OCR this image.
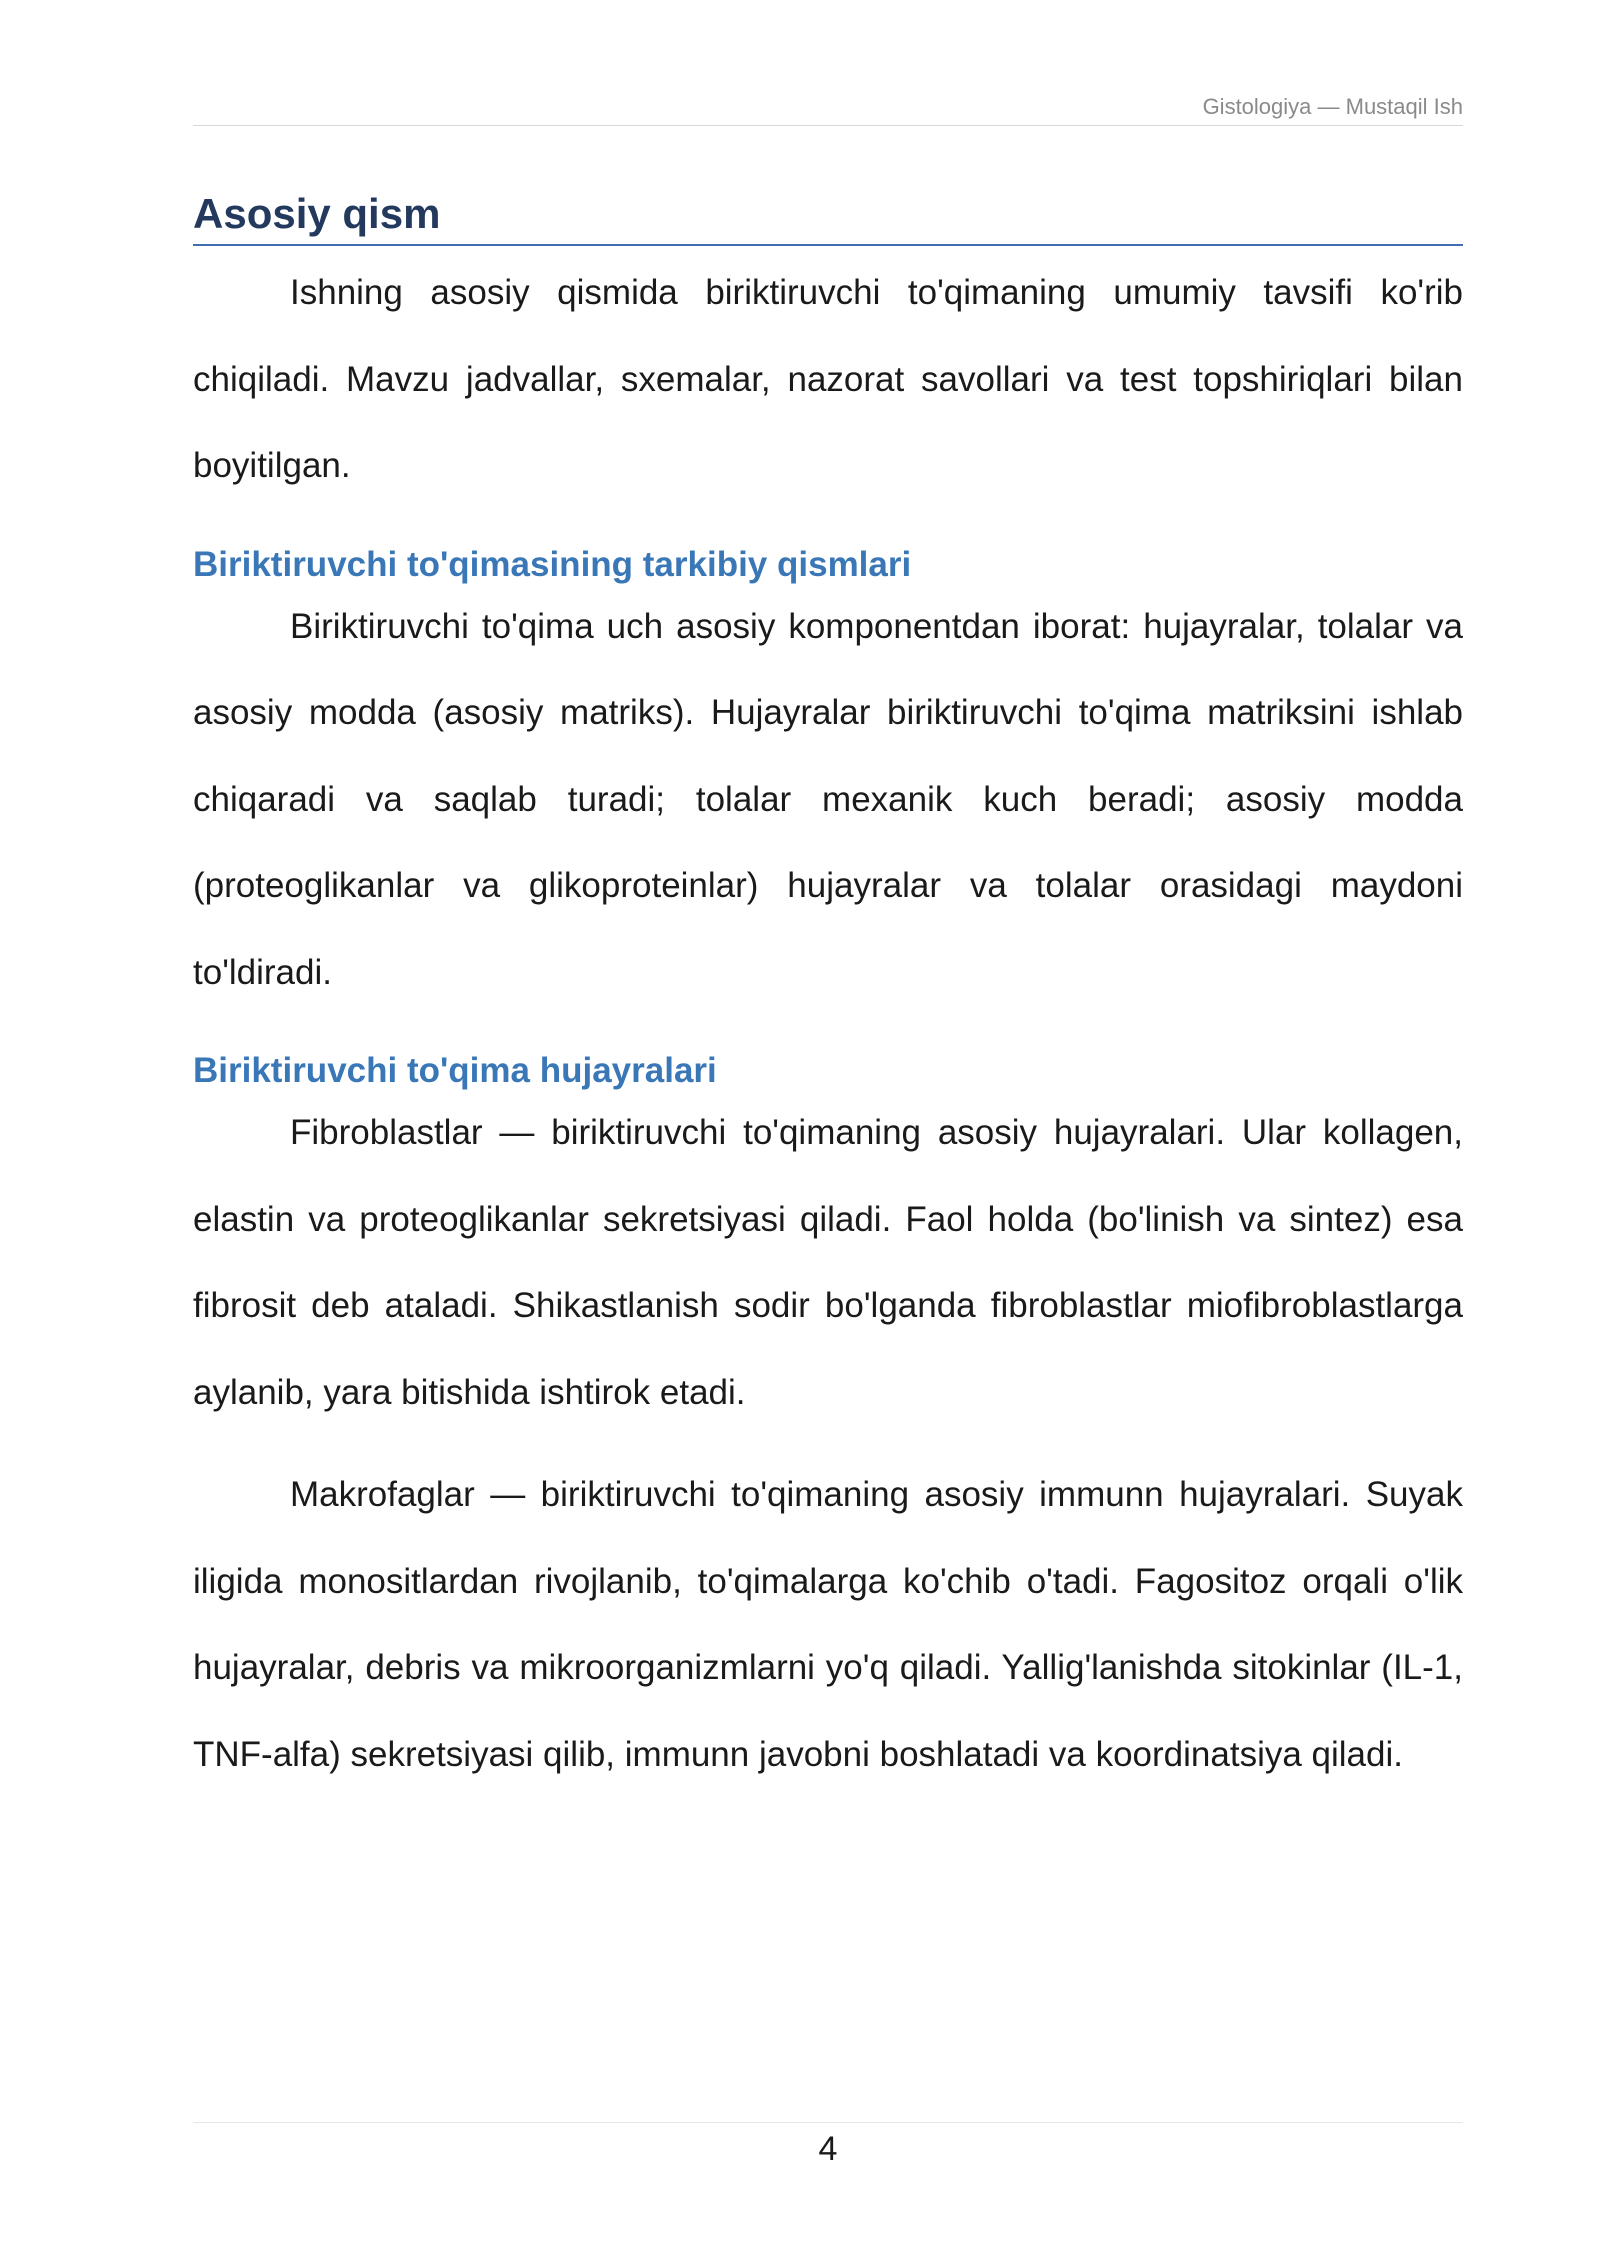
Gistologiya — Mustaqil Ish
Asosiy qism

Ishning asosiy qismida biriktiruvchi to'qimaning umumiy tavsifi ko'rib chiqiladi. Mavzu jadvallar, sxemalar, nazorat savollari va test topshiriqlari bilan boyitilgan.

Biriktiruvchi to'qimasining tarkibiy qismlari

Biriktiruvchi to'qima uch asosiy komponentdan iborat: hujayralar, tolalar va asosiy modda (asosiy matriks). Hujayralar biriktiruvchi to'qima matriksini ishlab chiqaradi va saqlab turadi; tolalar mexanik kuch beradi; asosiy modda (proteoglikanlar va glikoproteinlar) hujayralar va tolalar orasidagi maydoni to'ldiradi.

Biriktiruvchi to'qima hujayralari

Fibroblastlar — biriktiruvchi to'qimaning asosiy hujayralari. Ular kollagen, elastin va proteoglikanlar sekretsiyasi qiladi. Faol holda (bo'linish va sintez) esa fibrosit deb ataladi. Shikastlanish sodir bo'lganda fibroblastlar miofibroblastlarga aylanib, yara bitishida ishtirok etadi.

Makrofaglar — biriktiruvchi to'qimaning asosiy immunn hujayralari. Suyak iligida monositlardan rivojlanib, to'qimalarga ko'chib o'tadi. Fagositoz orqali o'lik hujayralar, debris va mikroorganizmlarni yo'q qiladi. Yallig'lanishda sitokinlar (IL-1, TNF-alfa) sekretsiyasi qilib, immunn javobni boshlatadi va koordinatsiya qiladi.

4
